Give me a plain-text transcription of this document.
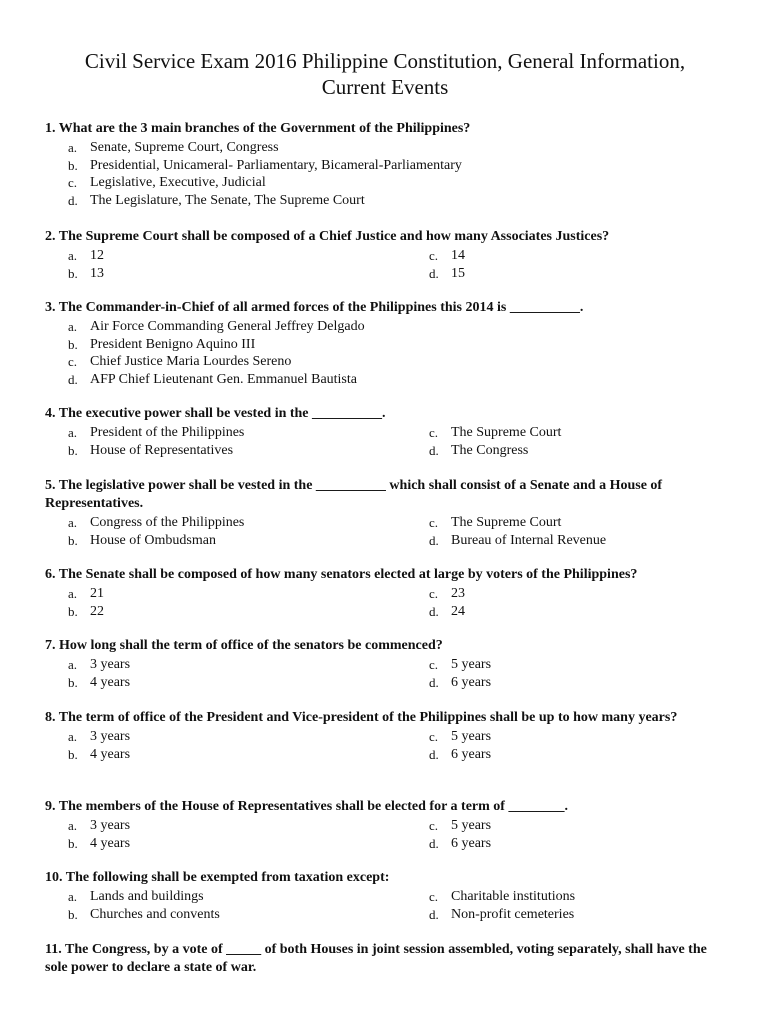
Civil Service Exam 2016 Philippine Constitution, General Information,
Current Events
1. What are the 3 main branches of the Government of the Philippines?
a. Senate, Supreme Court, Congress
b. Presidential, Unicameral- Parliamentary, Bicameral-Parliamentary
c. Legislative, Executive, Judicial
d. The Legislature, The Senate, The Supreme Court
2. The Supreme Court shall be composed of a Chief Justice and how many Associates Justices?
a. 12	c. 14
b. 13	d. 15
3. The Commander-in-Chief of all armed forces of the Philippines this 2014 is __________.
a. Air Force Commanding General Jeffrey Delgado
b. President Benigno Aquino III
c. Chief Justice Maria Lourdes Sereno
d. AFP Chief Lieutenant Gen. Emmanuel Bautista
4. The executive power shall be vested in the __________.
a. President of the Philippines	c. The Supreme Court
b. House of Representatives	d. The Congress
5. The legislative power shall be vested in the __________ which shall consist of a Senate and a House of Representatives.
a. Congress of the Philippines	c. The Supreme Court
b. House of Ombudsman	d. Bureau of Internal Revenue
6. The Senate shall be composed of how many senators elected at large by voters of the Philippines?
a. 21	c. 23
b. 22	d. 24
7. How long shall the term of office of the senators be commenced?
a. 3 years	c. 5 years
b. 4 years	d. 6 years
8. The term of office of the President and Vice-president of the Philippines shall be up to how many years?
a. 3 years	c. 5 years
b. 4 years	d. 6 years
9. The members of the House of Representatives shall be elected for a term of ________.
a. 3 years	c. 5 years
b. 4 years	d. 6 years
10. The following shall be exempted from taxation except:
a. Lands and buildings	c. Charitable institutions
b. Churches and convents	d. Non-profit cemeteries
11. The Congress, by a vote of _____ of both Houses in joint session assembled, voting separately, shall have the sole power to declare a state of war.
